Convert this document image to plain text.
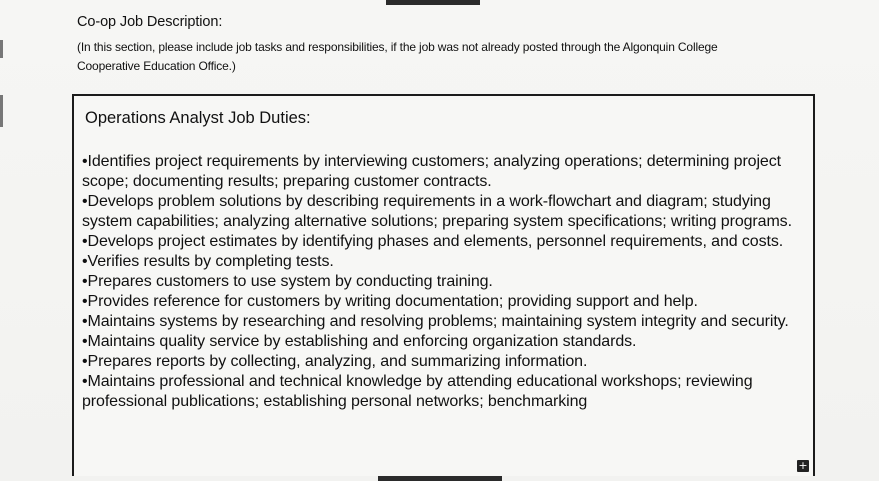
Co-op Job Description:
(In this section, please include job tasks and responsibilities, if the job was not already posted through the Algonquin College Cooperative Education Office.)
Operations Analyst Job Duties:
•Identifies project requirements by interviewing customers; analyzing operations; determining project scope; documenting results; preparing customer contracts.
•Develops problem solutions by describing requirements in a work-flowchart and diagram; studying system capabilities; analyzing alternative solutions; preparing system specifications; writing programs.
•Develops project estimates by identifying phases and elements, personnel requirements, and costs.
•Verifies results by completing tests.
•Prepares customers to use system by conducting training.
•Provides reference for customers by writing documentation; providing support and help.
•Maintains systems by researching and resolving problems; maintaining system integrity and security.
•Maintains quality service by establishing and enforcing organization standards.
•Prepares reports by collecting, analyzing, and summarizing information.
•Maintains professional and technical knowledge by attending educational workshops; reviewing professional publications; establishing personal networks; benchmarking
+
